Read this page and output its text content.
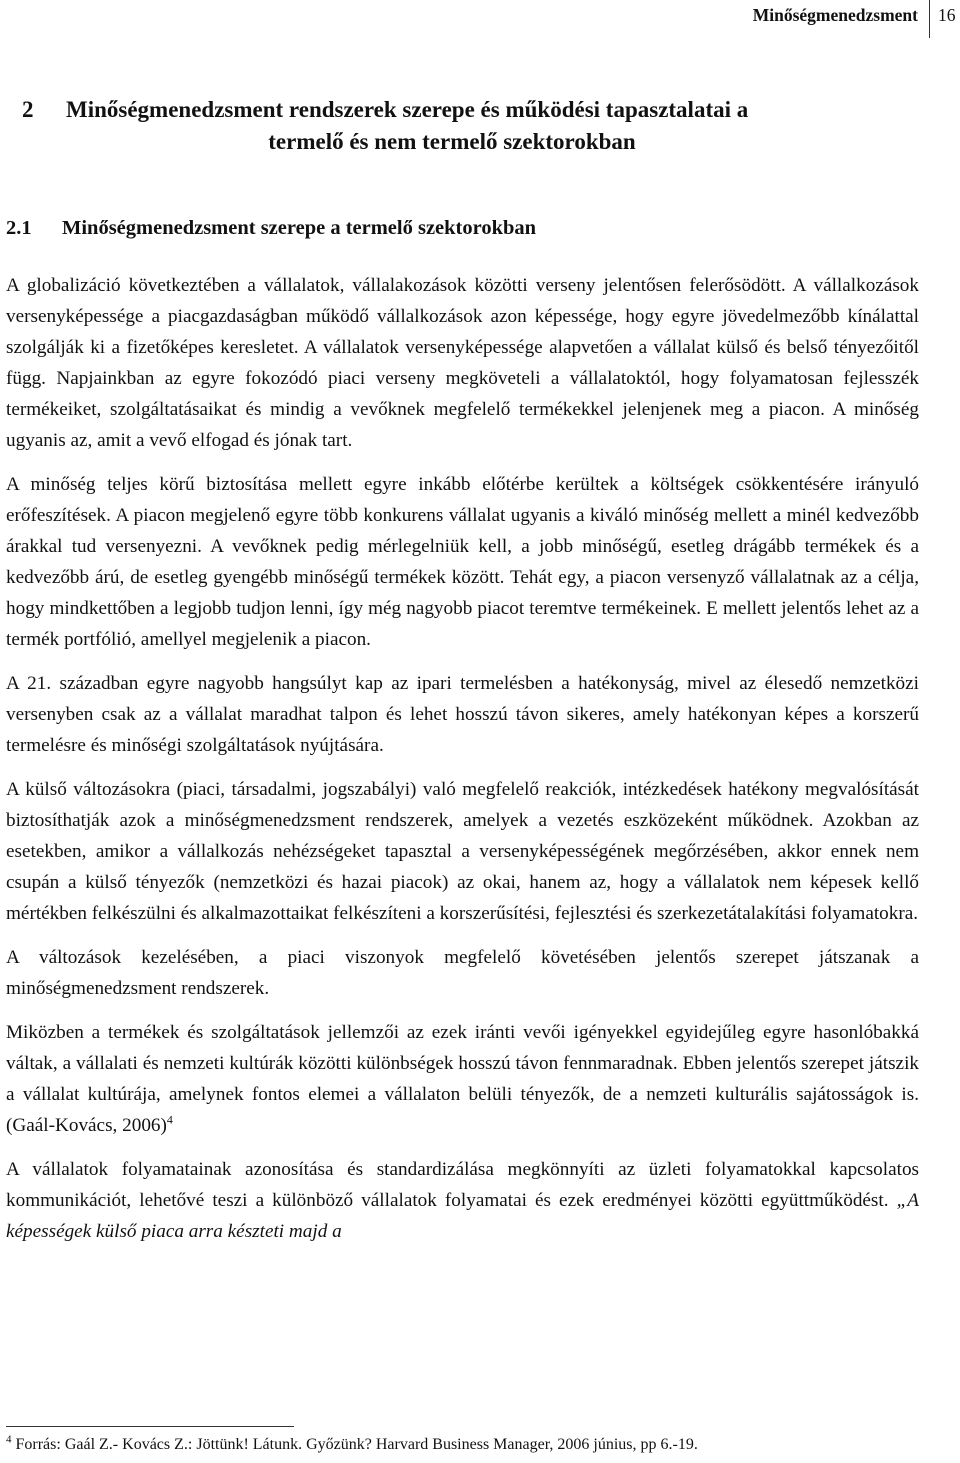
Minőségmenedzsment 16
2 Minőségmenedzsment rendszerek szerepe és működési tapasztalatai a
termelő és nem termelő szektorokban
2.1 Minőségmenedzsment szerepe a termelő szektorokban

A globalizáció következtében a vállalatok, vállalakozások közötti verseny jelentősen felerősödött. A vállalkozások versenyképessége a piacgazdaságban működő vállalkozások azon képessége, hogy egyre jövedelmezőbb kínálattal szolgálják ki a fizetőképes keresletet. A vállalatok versenyképessége alapvetően a vállalat külső és belső tényezőitől függ. Napjainkban az egyre fokozódó piaci verseny megköveteli a vállalatoktól, hogy folyamatosan fejlesszék termékeiket, szolgáltatásaikat és mindig a vevőknek megfelelő termékekkel jelenjenek meg a piacon. A minőség ugyanis az, amit a vevő elfogad és jónak tart.

A minőség teljes körű biztosítása mellett egyre inkább előtérbe kerültek a költségek csökkentésére irányuló erőfeszítések. A piacon megjelenő egyre több konkurens vállalat ugyanis a kiváló minőség mellett a minél kedvezőbb árakkal tud versenyezni. A vevőknek pedig mérlegelniük kell, a jobb minőségű, esetleg drágább termékek és a kedvezőbb árú, de esetleg gyengébb minőségű termékek között. Tehát egy, a piacon versenyző vállalatnak az a célja, hogy mindkettőben a legjobb tudjon lenni, így még nagyobb piacot teremtve termékeinek. E mellett jelentős lehet az a termék portfólió, amellyel megjelenik a piacon.

A 21. században egyre nagyobb hangsúlyt kap az ipari termelésben a hatékonyság, mivel az élesedő nemzetközi versenyben csak az a vállalat maradhat talpon és lehet hosszú távon sikeres, amely hatékonyan képes a korszerű termelésre és minőségi szolgáltatások nyújtására.

A külső változásokra (piaci, társadalmi, jogszabályi) való megfelelő reakciók, intézkedések hatékony megvalósítását biztosíthatják azok a minőségmenedzsment rendszerek, amelyek a vezetés eszközeként működnek. Azokban az esetekben, amikor a vállalkozás nehézségeket tapasztal a versenyképességének megőrzésében, akkor ennek nem csupán a külső tényezők (nemzetközi és hazai piacok) az okai, hanem az, hogy a vállalatok nem képesek kellő mértékben felkészülni és alkalmazottaikat felkészíteni a korszerűsítési, fejlesztési és szerkezetátalakítási folyamatokra.

A változások kezelésében, a piaci viszonyok megfelelő követésében jelentős szerepet játszanak a minőségmenedzsment rendszerek.

Miközben a termékek és szolgáltatások jellemzői az ezek iránti vevői igényekkel egyidejűleg egyre hasonlóbakká váltak, a vállalati és nemzeti kultúrák közötti különbségek hosszú távon fennmaradnak. Ebben jelentős szerepet játszik a vállalat kultúrája, amelynek fontos elemei a vállalaton belüli tényezők, de a nemzeti kulturális sajátosságok is. (Gaál-Kovács, 2006)$^4$

A vállalatok folyamatainak azonosítása és standardizálása megkönnyíti az üzleti folyamatokkal kapcsolatos kommunikációt, lehetővé teszi a különböző vállalatok folyamatai és ezek eredményei közötti együttműködést. „A képességek külső piaca arra készteti majd a

$^4$ Forrás: Gaál Z.- Kovács Z.: Jöttünk! Látunk. Győzünk? Harvard Business Manager, 2006 június, pp 6.-19.
